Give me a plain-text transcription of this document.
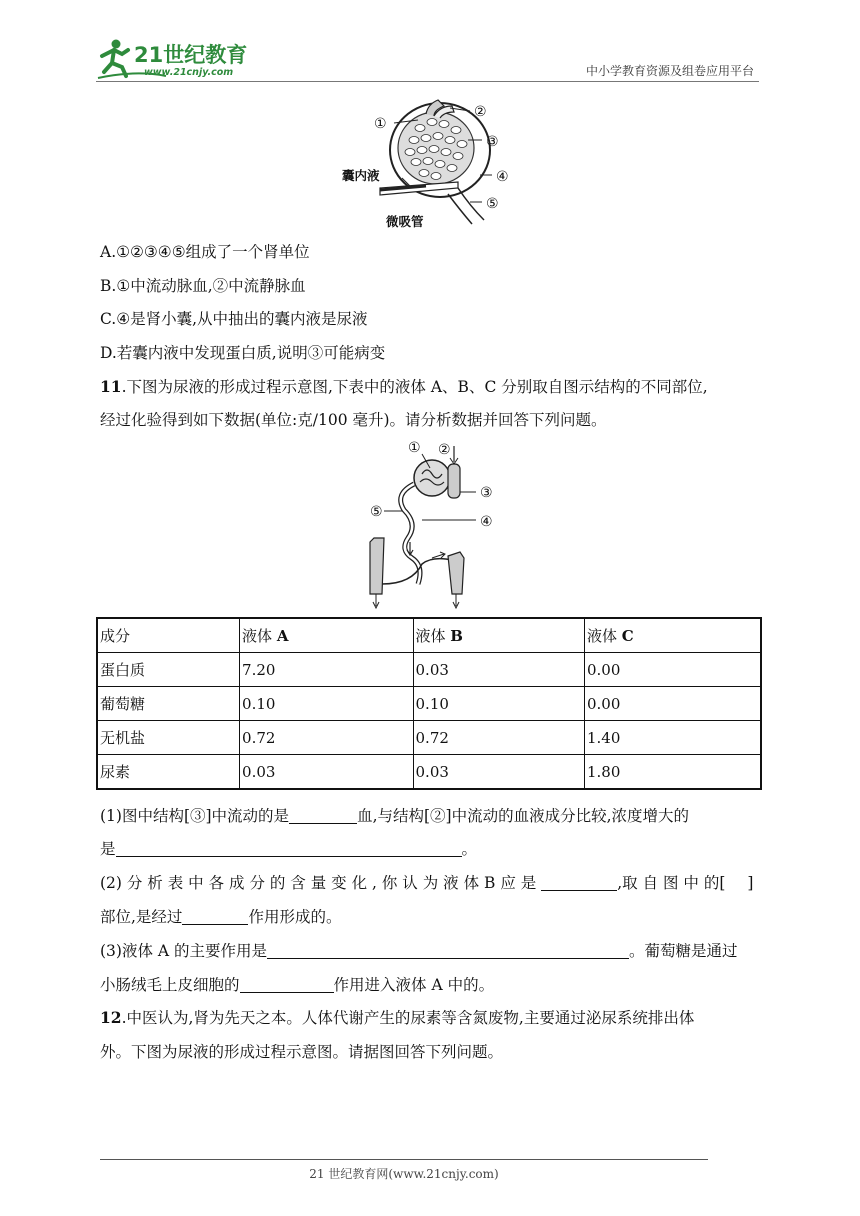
21世纪教育
www.21cnjy.com	中小学教育资源及组卷应用平台
①
②
③
④
⑤
囊内液
微吸管
A.①②③④⑤组成了一个肾单位
B.①中流动脉血,②中流静脉血
C.④是肾小囊,从中抽出的囊内液是尿液
D.若囊内液中发现蛋白质,说明③可能病变
11.下图为尿液的形成过程示意图,下表中的液体 A、B、C 分别取自图示结构的不同部位,
经过化验得到如下数据(单位:克/100 毫升)。请分析数据并回答下列问题。
① ②
③
④
⑤
成分	液体 A	液体 B	液体 C
蛋白质	7.20	0.03	0.00
葡萄糖	0.10	0.10	0.00
无机盐	0.72	0.72	1.40
尿素	0.03	0.03	1.80
(1)图中结构[③]中流动的是	血,与结构[②]中流动的血液成分比较,浓度增大的
是	。
(2) 分 析 表 中 各 成 分 的 含 量 变 化 , 你 认 为 液 体 B 应 是	,取 自 图 中 的[ ]
部位,是经过	作用形成的。
(3)液体 A 的主要作用是	。葡萄糖是通过
小肠绒毛上皮细胞的	作用进入液体 A 中的。
12.中医认为,肾为先天之本。人体代谢产生的尿素等含氮废物,主要通过泌尿系统排出体
外。下图为尿液的形成过程示意图。请据图回答下列问题。
21 世纪教育网(www.21cnjy.com)
